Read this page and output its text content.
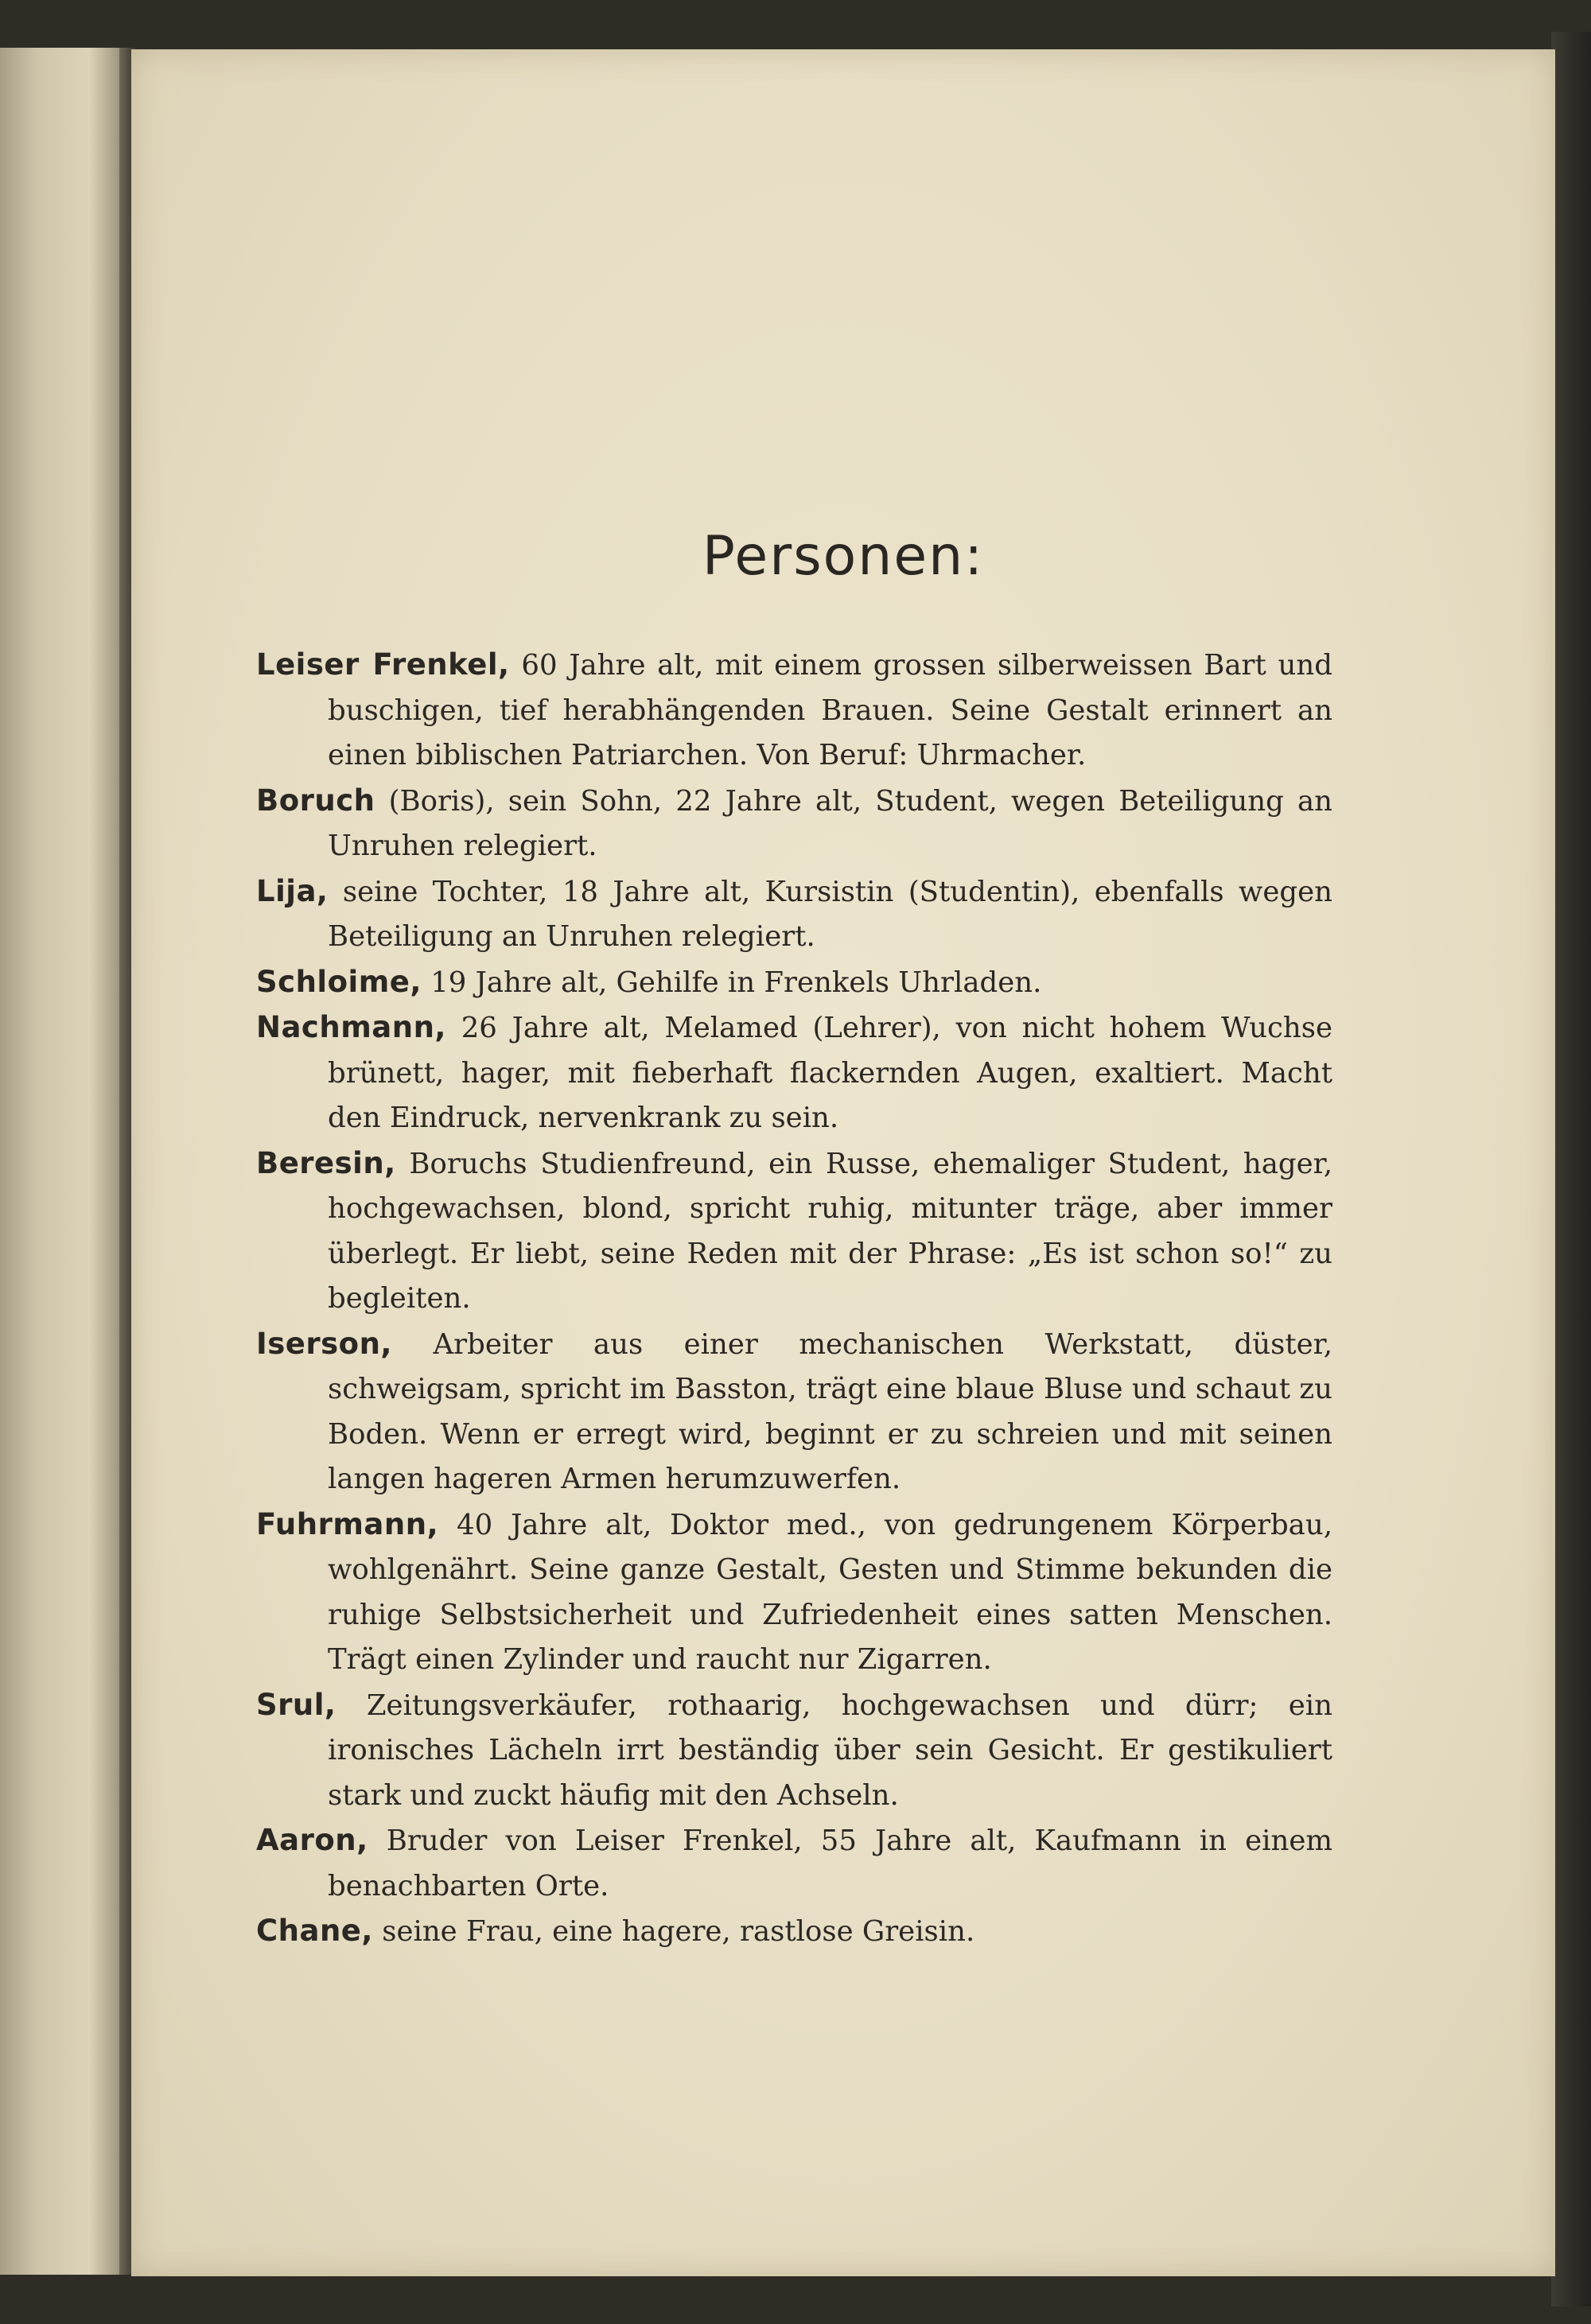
Personen:

Leiser Frenkel, 60 Jahre alt, mit einem grossen silberweissen Bart und buschigen, tief herabhängenden Brauen. Seine Gestalt erinnert an einen biblischen Patriarchen. Von Beruf: Uhrmacher.

Boruch (Boris), sein Sohn, 22 Jahre alt, Student, wegen Beteiligung an Unruhen relegiert.

Lija, seine Tochter, 18 Jahre alt, Kursistin (Studentin), ebenfalls wegen Beteiligung an Unruhen relegiert.

Schloime, 19 Jahre alt, Gehilfe in Frenkels Uhrladen.

Nachmann, 26 Jahre alt, Melamed (Lehrer), von nicht hohem Wuchse brünett, hager, mit fieberhaft flackernden Augen, exaltiert. Macht den Eindruck, nervenkrank zu sein.

Beresin, Boruchs Studienfreund, ein Russe, ehemaliger Student, hager, hochgewachsen, blond, spricht ruhig, mitunter träge, aber immer überlegt. Er liebt, seine Reden mit der Phrase: „Es ist schon so!“ zu begleiten.

Iserson, Arbeiter aus einer mechanischen Werkstatt, düster, schweigsam, spricht im Basston, trägt eine blaue Bluse und schaut zu Boden. Wenn er erregt wird, beginnt er zu schreien und mit seinen langen hageren Armen herumzuwerfen.

Fuhrmann, 40 Jahre alt, Doktor med., von gedrungenem Körperbau, wohlgenährt. Seine ganze Gestalt, Gesten und Stimme bekunden die ruhige Selbstsicherheit und Zufriedenheit eines satten Menschen. Trägt einen Zylinder und raucht nur Zigarren.

Srul, Zeitungsverkäufer, rothaarig, hochgewachsen und dürr; ein ironisches Lächeln irrt beständig über sein Gesicht. Er gestikuliert stark und zuckt häufig mit den Achseln.

Aaron, Bruder von Leiser Frenkel, 55 Jahre alt, Kaufmann in einem benachbarten Orte.

Chane, seine Frau, eine hagere, rastlose Greisin.
